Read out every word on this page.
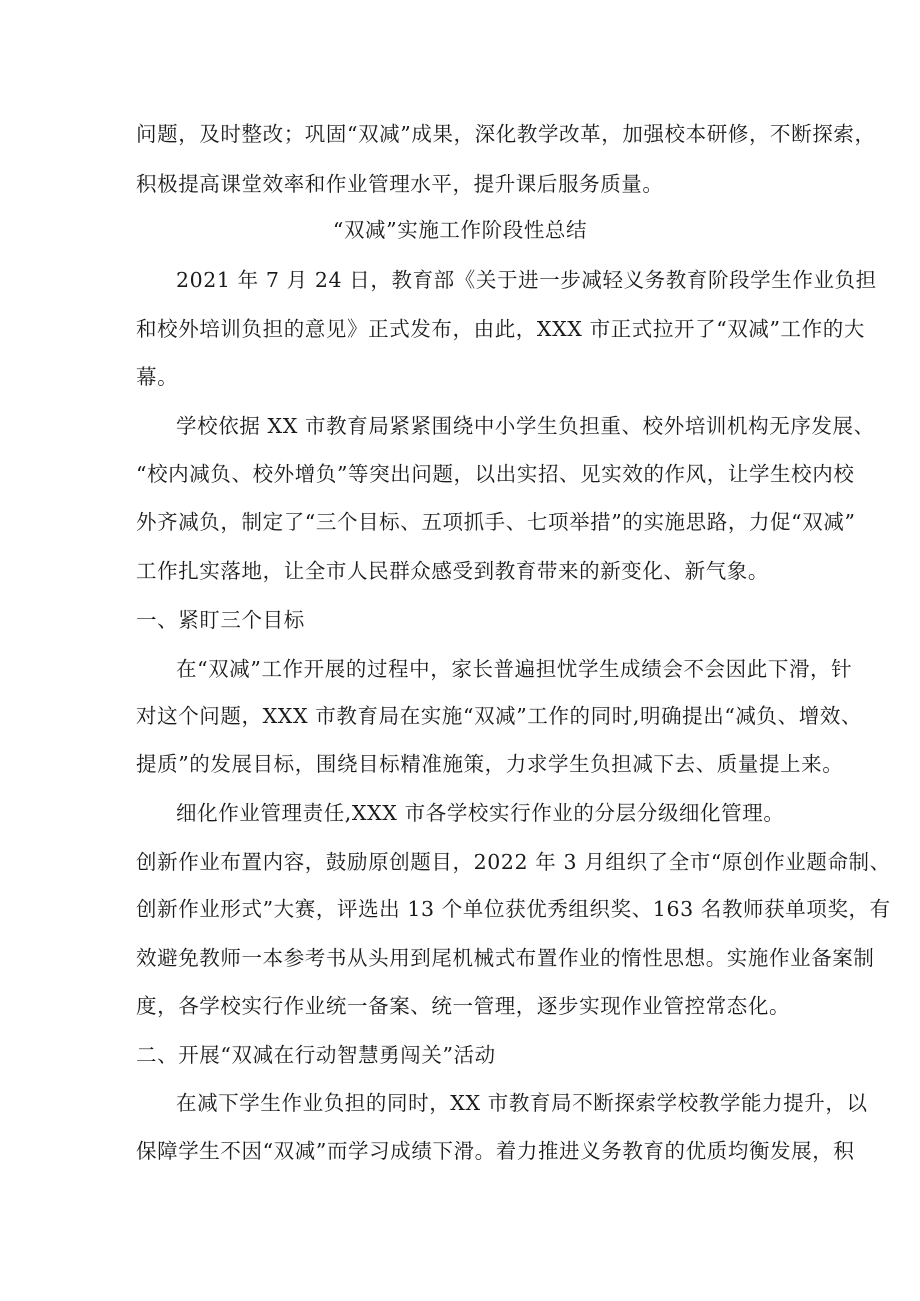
问题，及时整改；巩固“双减”成果，深化教学改革，加强校本研修，不断探索，
积极提高课堂效率和作业管理水平，提升课后服务质量。
“双减”实施工作阶段性总结
2021 年 7 月 24 日，教育部《关于进一步减轻义务教育阶段学生作业负担
和校外培训负担的意见》正式发布，由此，XXX 市正式拉开了“双减”工作的大
幕。
学校依据 XX 市教育局紧紧围绕中小学生负担重、校外培训机构无序发展、
“校内减负、校外增负”等突出问题，以出实招、见实效的作风，让学生校内校
外齐减负，制定了“三个目标、五项抓手、七项举措”的实施思路，力促“双减”
工作扎实落地，让全市人民群众感受到教育带来的新变化、新气象。
一、紧盯三个目标
在“双减”工作开展的过程中，家长普遍担忧学生成绩会不会因此下滑，针
对这个问题，XXX 市教育局在实施“双减”工作的同时,明确提出“减负、增效、
提质”的发展目标，围绕目标精准施策，力求学生负担减下去、质量提上来。
细化作业管理责任,XXX 市各学校实行作业的分层分级细化管理。
创新作业布置内容，鼓励原创题目，2022 年 3 月组织了全市“原创作业题命制、
创新作业形式”大赛，评选出 13 个单位获优秀组织奖、163 名教师获单项奖，有
效避免教师一本参考书从头用到尾机械式布置作业的惰性思想。实施作业备案制
度，各学校实行作业统一备案、统一管理，逐步实现作业管控常态化。
二、开展“双减在行动智慧勇闯关”活动
在减下学生作业负担的同时，XX 市教育局不断探索学校教学能力提升，以
保障学生不因“双减”而学习成绩下滑。着力推进义务教育的优质均衡发展，积
